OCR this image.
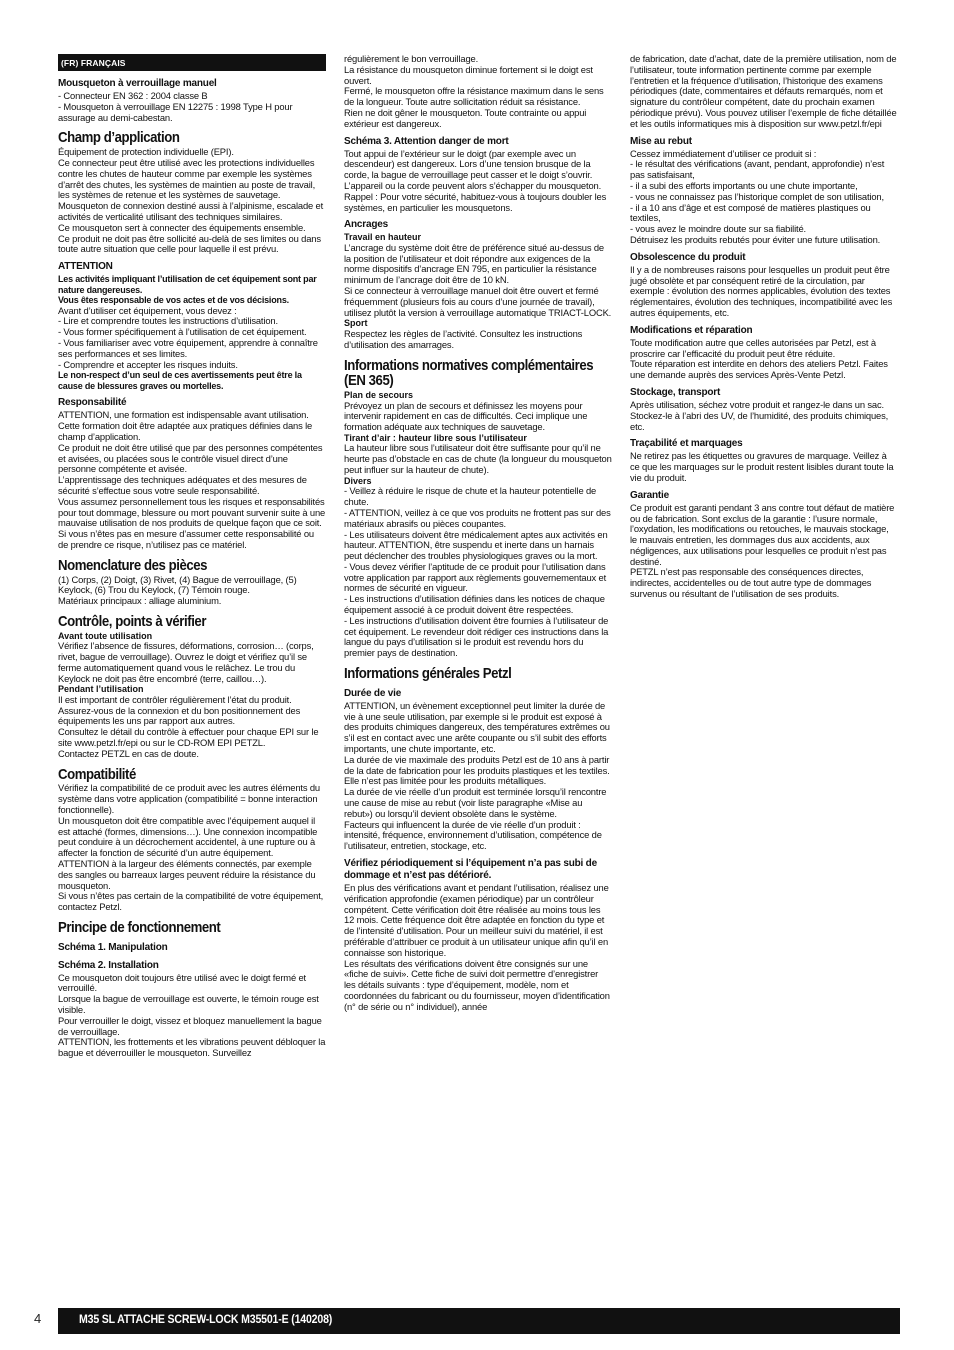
(FR) FRANÇAIS
Mousqueton à verrouillage manuel
- Connecteur EN 362 : 2004 classe B
- Mousqueton à verrouillage EN 12275 : 1998 Type H pour assurage au demi-cabestan.
Champ d’application
Équipement de protection individuelle (EPI).
Ce connecteur peut être utilisé avec les protections individuelles contre les chutes de hauteur comme par exemple les systèmes d’arrêt des chutes, les systèmes de maintien au poste de travail, les systèmes de retenue et les systèmes de sauvetage.
Mousqueton de connexion destiné aussi à l’alpinisme, escalade et activités de verticalité utilisant des techniques similaires.
Ce mousqueton sert à connecter des équipements ensemble.
Ce produit ne doit pas être sollicité au-delà de ses limites ou dans toute autre situation que celle pour laquelle il est prévu.
ATTENTION
Les activités impliquant l’utilisation de cet équipement sont par nature dangereuses.
Vous êtes responsable de vos actes et de vos décisions.
Avant d’utiliser cet équipement, vous devez :
- Lire et comprendre toutes les instructions d’utilisation.
- Vous former spécifiquement à l’utilisation de cet équipement.
- Vous familiariser avec votre équipement, apprendre à connaître ses performances et ses limites.
- Comprendre et accepter les risques induits.
Le non-respect d’un seul de ces avertissements peut être la cause de blessures graves ou mortelles.
Responsabilité
ATTENTION, une formation est indispensable avant utilisation. Cette formation doit être adaptée aux pratiques définies dans le champ d’application.
Ce produit ne doit être utilisé que par des personnes compétentes et avisées, ou placées sous le contrôle visuel direct d’une personne compétente et avisée.
L’apprentissage des techniques adéquates et des mesures de sécurité s’effectue sous votre seule responsabilité.
Vous assumez personnellement tous les risques et responsabilités pour tout dommage, blessure ou mort pouvant survenir suite à une mauvaise utilisation de nos produits de quelque façon que ce soit. Si vous n’êtes pas en mesure d’assumer cette responsabilité ou de prendre ce risque, n’utilisez pas ce matériel.
Nomenclature des pièces
(1) Corps, (2) Doigt, (3) Rivet, (4) Bague de verrouillage, (5) Keylock, (6) Trou du Keylock, (7) Témoin rouge.
Matériaux principaux : alliage aluminium.
Contrôle, points à vérifier
Avant toute utilisation
Vérifiez l’absence de fissures, déformations, corrosion… (corps, rivet, bague de verrouillage). Ouvrez le doigt et vérifiez qu’il se ferme automatiquement quand vous le relâchez. Le trou du Keylock ne doit pas être encombré (terre, caillou…).
Pendant l’utilisation
Il est important de contrôler régulièrement l’état du produit. Assurez-vous de la connexion et du bon positionnement des équipements les uns par rapport aux autres.
Consultez le détail du contrôle à effectuer pour chaque EPI sur le site www.petzl.fr/epi ou sur le CD-ROM EPI PETZL.
Contactez PETZL en cas de doute.
Compatibilité
Vérifiez la compatibilité de ce produit avec les autres éléments du système dans votre application (compatibilité = bonne interaction fonctionnelle).
Un mousqueton doit être compatible avec l’équipement auquel il est attaché (formes, dimensions…). Une connexion incompatible peut conduire à un décrochement accidentel, à une rupture ou à affecter la fonction de sécurité d’un autre équipement.
ATTENTION à la largeur des éléments connectés, par exemple des sangles ou barreaux larges peuvent réduire la résistance du mousqueton.
Si vous n’êtes pas certain de la compatibilité de votre équipement, contactez Petzl.
Principe de fonctionnement
Schéma 1. Manipulation
Schéma 2. Installation
Ce mousqueton doit toujours être utilisé avec le doigt fermé et verrouillé.
Lorsque la bague de verrouillage est ouverte, le témoin rouge est visible.
Pour verrouiller le doigt, vissez et bloquez manuellement la bague de verrouillage.
ATTENTION, les frottements et les vibrations peuvent débloquer la bague et déverrouiller le mousqueton. Surveillez
régulièrement le bon verrouillage.
La résistance du mousqueton diminue fortement si le doigt est ouvert.
Fermé, le mousqueton offre la résistance maximum dans le sens de la longueur. Toute autre sollicitation réduit sa résistance.
Rien ne doit gêner le mousqueton. Toute contrainte ou appui extérieur est dangereux.
Schéma 3. Attention danger de mort
Tout appui de l’extérieur sur le doigt (par exemple avec un descendeur) est dangereux. Lors d’une tension brusque de la corde, la bague de verrouillage peut casser et le doigt s’ouvrir. L’appareil ou la corde peuvent alors s’échapper du mousqueton.
Rappel : Pour votre sécurité, habituez-vous à toujours doubler les systèmes, en particulier les mousquetons.
Ancrages
Travail en hauteur
L’ancrage du système doit être de préférence situé au-dessus de la position de l’utilisateur et doit répondre aux exigences de la norme dispositifs d’ancrage EN 795, en particulier la résistance minimum de l’ancrage doit être de 10 kN.
Si ce connecteur à verrouillage manuel doit être ouvert et fermé fréquemment (plusieurs fois au cours d’une journée de travail), utilisez plutôt la version à verrouillage automatique TRIACT-LOCK.
Sport
Respectez les règles de l’activité. Consultez les instructions d’utilisation des amarrages.
Informations normatives complémentaires (EN 365)
Plan de secours
Prévoyez un plan de secours et définissez les moyens pour intervenir rapidement en cas de difficultés. Ceci implique une formation adéquate aux techniques de sauvetage.
Tirant d’air : hauteur libre sous l’utilisateur
La hauteur libre sous l’utilisateur doit être suffisante pour qu’il ne heurte pas d’obstacle en cas de chute (la longueur du mousqueton peut influer sur la hauteur de chute).
Divers
- Veillez à réduire le risque de chute et la hauteur potentielle de chute.
- ATTENTION, veillez à ce que vos produits ne frottent pas sur des matériaux abrasifs ou pièces coupantes.
- Les utilisateurs doivent être médicalement aptes aux activités en hauteur. ATTENTION, être suspendu et inerte dans un harnais peut déclencher des troubles physiologiques graves ou la mort.
- Vous devez vérifier l’aptitude de ce produit pour l’utilisation dans votre application par rapport aux règlements gouvernementaux et normes de sécurité en vigueur.
- Les instructions d’utilisation définies dans les notices de chaque équipement associé à ce produit doivent être respectées.
- Les instructions d’utilisation doivent être fournies à l’utilisateur de cet équipement. Le revendeur doit rédiger ces instructions dans la langue du pays d’utilisation si le produit est revendu hors du premier pays de destination.
Informations générales Petzl
Durée de vie
ATTENTION, un évènement exceptionnel peut limiter la durée de vie à une seule utilisation, par exemple si le produit est exposé à des produits chimiques dangereux, des températures extrêmes ou s’il est en contact avec une arête coupante ou s’il subit des efforts importants, une chute importante, etc.
La durée de vie maximale des produits Petzl est de 10 ans à partir de la date de fabrication pour les produits plastiques et les textiles. Elle n’est pas limitée pour les produits métalliques.
La durée de vie réelle d’un produit est terminée lorsqu’il rencontre une cause de mise au rebut (voir liste paragraphe «Mise au rebut») ou lorsqu’il devient obsolète dans le système.
Facteurs qui influencent la durée de vie réelle d’un produit : intensité, fréquence, environnement d’utilisation, compétence de l’utilisateur, entretien, stockage, etc.
Vérifiez périodiquement si l’équipement n’a pas subi de dommage et n’est pas détérioré.
En plus des vérifications avant et pendant l’utilisation, réalisez une vérification approfondie (examen périodique) par un contrôleur compétent. Cette vérification doit être réalisée au moins tous les 12 mois. Cette fréquence doit être adaptée en fonction du type et de l’intensité d’utilisation. Pour un meilleur suivi du matériel, il est préférable d’attribuer ce produit à un utilisateur unique afin qu’il en connaisse son historique.
Les résultats des vérifications doivent être consignés sur une «fiche de suivi». Cette fiche de suivi doit permettre d’enregistrer les détails suivants : type d’équipement, modèle, nom et coordonnées du fabricant ou du fournisseur, moyen d’identification (n° de série ou n° individuel), année
de fabrication, date d’achat, date de la première utilisation, nom de l’utilisateur, toute information pertinente comme par exemple l’entretien et la fréquence d’utilisation, l’historique des examens périodiques (date, commentaires et défauts remarqués, nom et signature du contrôleur compétent, date du prochain examen périodique prévu). Vous pouvez utiliser l’exemple de fiche détaillée et les outils informatiques mis à disposition sur www.petzl.fr/epi
Mise au rebut
Cessez immédiatement d’utiliser ce produit si :
- le résultat des vérifications (avant, pendant, approfondie) n’est pas satisfaisant,
- il a subi des efforts importants ou une chute importante,
- vous ne connaissez pas l’historique complet de son utilisation,
- il a 10 ans d’âge et est composé de matières plastiques ou textiles,
- vous avez le moindre doute sur sa fiabilité.
Détruisez les produits rebutés pour éviter une future utilisation.
Obsolescence du produit
Il y a de nombreuses raisons pour lesquelles un produit peut être jugé obsolète et par conséquent retiré de la circulation, par exemple : évolution des normes applicables, évolution des textes réglementaires, évolution des techniques, incompatibilité avec les autres équipements, etc.
Modifications et réparation
Toute modification autre que celles autorisées par Petzl, est à proscrire car l’efficacité du produit peut être réduite.
Toute réparation est interdite en dehors des ateliers Petzl. Faites une demande auprès des services Après-Vente Petzl.
Stockage, transport
Après utilisation, séchez votre produit et rangez-le dans un sac.
Stockez-le à l’abri des UV, de l’humidité, des produits chimiques, etc.
Traçabilité et marquages
Ne retirez pas les étiquettes ou gravures de marquage. Veillez à ce que les marquages sur le produit restent lisibles durant toute la vie du produit.
Garantie
Ce produit est garanti pendant 3 ans contre tout défaut de matière ou de fabrication. Sont exclus de la garantie : l’usure normale, l’oxydation, les modifications ou retouches, le mauvais stockage, le mauvais entretien, les dommages dus aux accidents, aux négligences, aux utilisations pour lesquelles ce produit n’est pas destiné.
PETZL n’est pas responsable des conséquences directes, indirectes, accidentelles ou de tout autre type de dommages survenus ou résultant de l’utilisation de ses produits.
4	M35 SL ATTACHE SCREW-LOCK M35501-E (140208)
